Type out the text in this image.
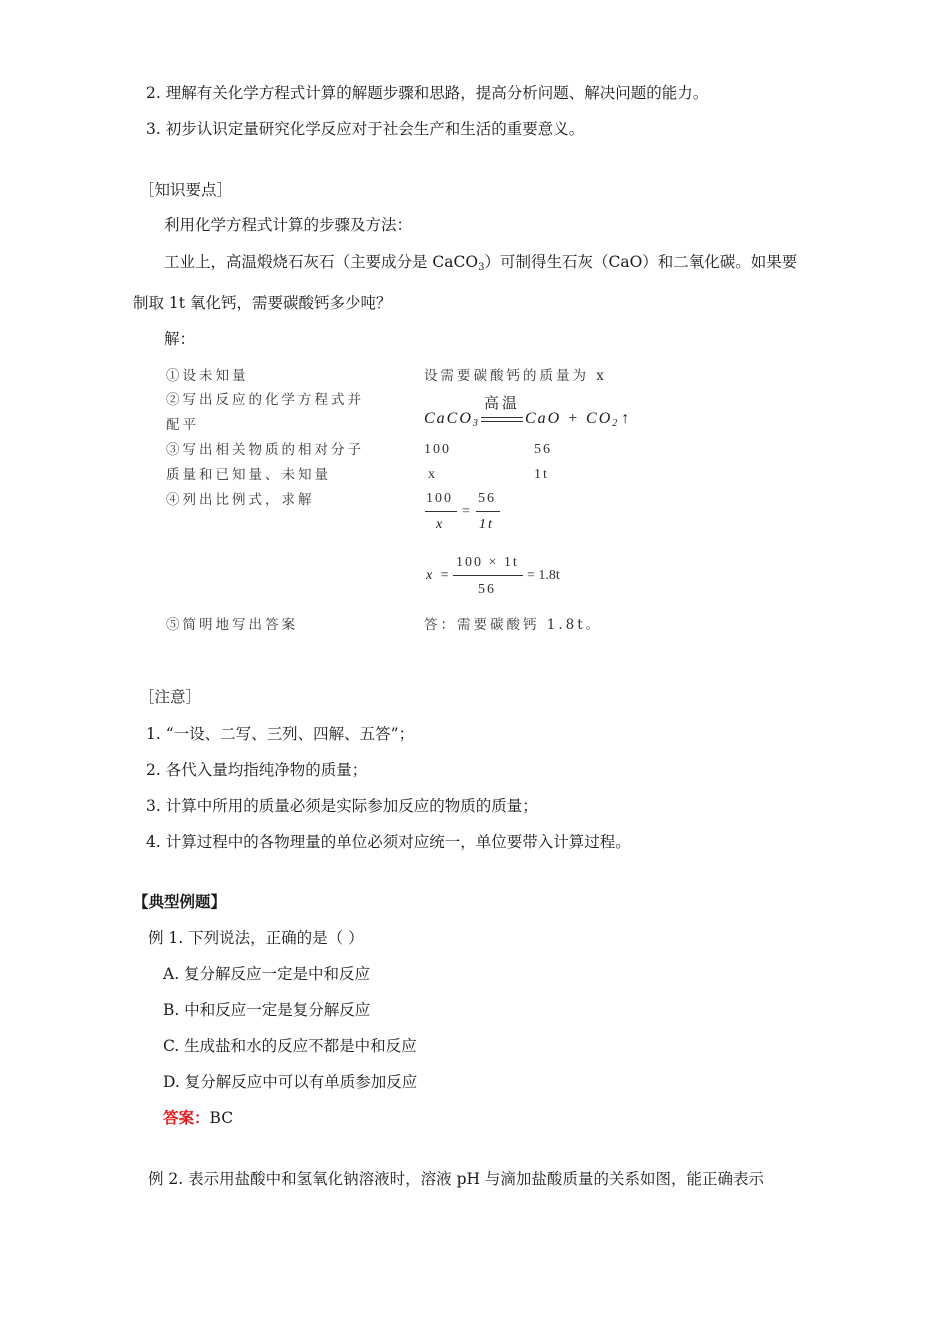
2. 理解有关化学方程式计算的解题步骤和思路，提高分析问题、解决问题的能力。
3. 初步认识定量研究化学反应对于社会生产和生活的重要意义。
［知识要点］
利用化学方程式计算的步骤及方法：
工业上，高温煅烧石灰石（主要成分是 CaCO$_3$）可制得生石灰（CaO）和二氧化碳。如果要
制取 1t 氧化钙，需要碳酸钙多少吨？
解：
①设未知量
②写出反应的化学方程式并
配平
③写出相关物质的相对分子
质量和已知量、未知量
④列出比例式，求解
⑤简明地写出答案
设需要碳酸钙的质量为 x
CaCO$_3$
高温
CaO + $CO_2$ ↑
100	56
x	1t
100
x
=
56
1t
x =
100 × 1t
56
= 1.8t
答：需要碳酸钙 1.8t。
［注意］
1. “一设、二写、三列、四解、五答”；
2. 各代入量均指纯净物的质量；
3. 计算中所用的质量必须是实际参加反应的物质的质量；
4. 计算过程中的各物理量的单位必须对应统一，单位要带入计算过程。
【典型例题】
例 1. 下列说法，正确的是（ ）
A. 复分解反应一定是中和反应
B. 中和反应一定是复分解反应
C. 生成盐和水的反应不都是中和反应
D. 复分解反应中可以有单质参加反应
答案：BC
例 2. 表示用盐酸中和氢氧化钠溶液时，溶液 pH 与滴加盐酸质量的关系如图，能正确表示
